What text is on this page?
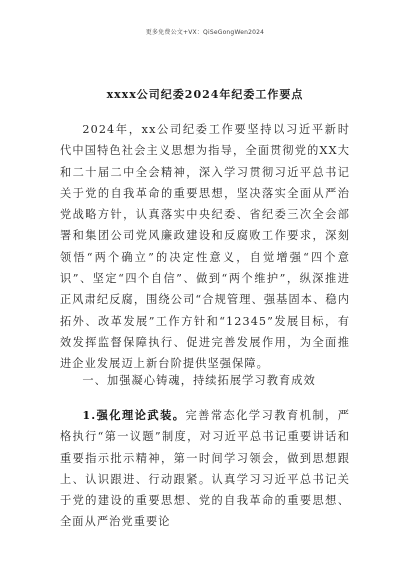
更多免费公文+VX：QiSeGongWen2024
xxxx公司纪委2024年纪委工作要点

2024年，xx公司纪委工作要坚持以习近平新时代中国特色社会主义思想为指导，全面贯彻党的XX大和二十届二中全会精神，深入学习贯彻习近平总书记关于党的自我革命的重要思想，坚决落实全面从严治党战略方针，认真落实中央纪委、省纪委三次全会部署和集团公司党风廉政建设和反腐败工作要求，深刻领悟“两个确立”的决定性意义，自觉增强“四个意识”、坚定“四个自信”、做到“两个维护”，纵深推进正风肃纪反腐，围绕公司“合规管理、强基固本、稳内拓外、改革发展”工作方针和“12345”发展目标，有效发挥监督保障执行、促进完善发展作用，为全面推进企业发展迈上新台阶提供坚强保障。

一、加强凝心铸魂，持续拓展学习教育成效

1.强化理论武装。完善常态化学习教育机制，严格执行“第一议题”制度，对习近平总书记重要讲话和重要指示批示精神，第一时间学习领会，做到思想跟上、认识跟进、行动跟紧。认真学习习近平总书记关于党的建设的重要思想、党的自我革命的重要思想、全面从严治党重要论
